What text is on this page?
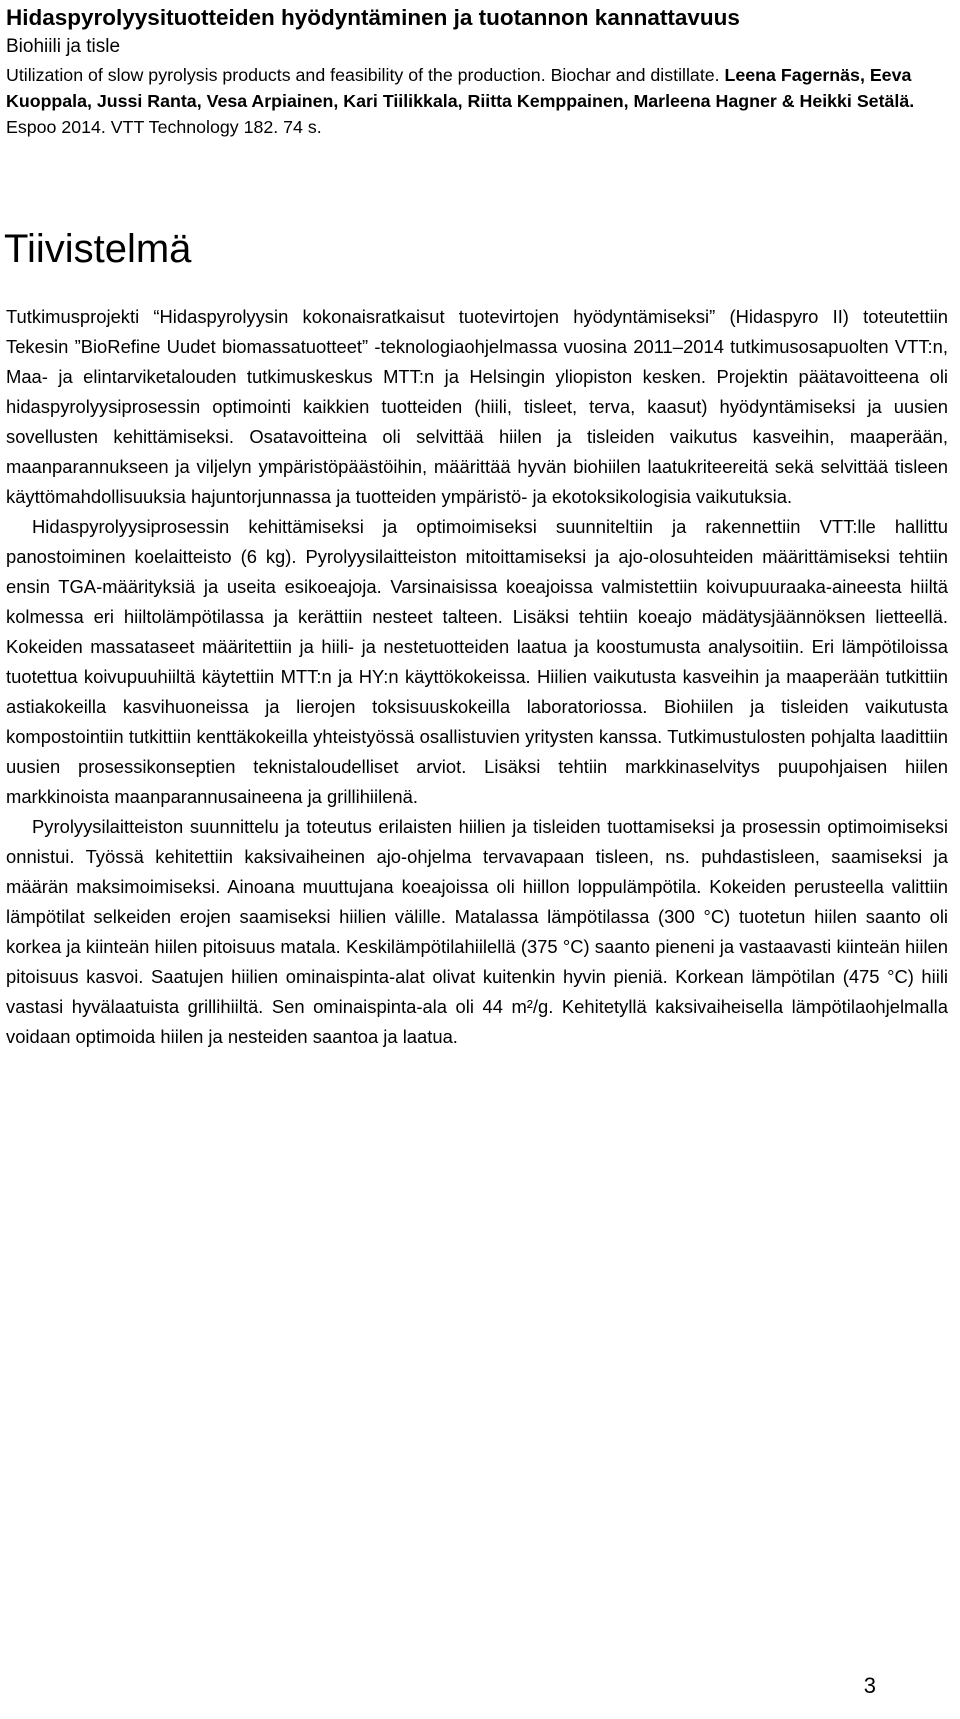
Hidaspyrolyysituotteiden hyödyntäminen ja tuotannon kannattavuus
Biohiili ja tisle
Utilization of slow pyrolysis products and feasibility of the production. Biochar and distillate. Leena Fagernäs, Eeva Kuoppala, Jussi Ranta, Vesa Arpiainen, Kari Tiilikkala, Riitta Kemppainen, Marleena Hagner & Heikki Setälä. Espoo 2014. VTT Technology 182. 74 s.
Tiivistelmä

Tutkimusprojekti “Hidaspyrolyysin kokonaisratkaisut tuotevirtojen hyödyntämiseksi” (Hidaspyro II) toteutettiin Tekesin ”BioRefine Uudet biomassatuotteet” -teknologiaohjelmassa vuosina 2011–2014 tutkimusosapuolten VTT:n, Maa- ja elintarviketalouden tutkimuskeskus MTT:n ja Helsingin yliopiston kesken. Projektin päätavoitteena oli hidaspyrolyysiprosessin optimointi kaikkien tuotteiden (hiili, tisleet, terva, kaasut) hyödyntämiseksi ja uusien sovellusten kehittämiseksi. Osatavoitteina oli selvittää hiilen ja tisleiden vaikutus kasveihin, maaperään, maanparannukseen ja viljelyn ympäristöpäästöihin, määrittää hyvän biohiilen laatukriteereitä sekä selvittää tisleen käyttömahdollisuuksia hajuntorjunnassa ja tuotteiden ympäristö- ja ekotoksikologisia vaikutuksia.

Hidaspyrolyysiprosessin kehittämiseksi ja optimoimiseksi suunniteltiin ja rakennettiin VTT:lle hallittu panostoiminen koelaitteisto (6 kg). Pyrolyysilaitteiston mitoittamiseksi ja ajo-olosuhteiden määrittämiseksi tehtiin ensin TGA-määrityksiä ja useita esikoeajoja. Varsinaisissa koeajoissa valmistettiin koivupuuraaka-aineesta hiiltä kolmessa eri hiiltolämpötilassa ja kerättiin nesteet talteen. Lisäksi tehtiin koeajo mädätysjäännöksen lietteellä. Kokeiden massataseet määritettiin ja hiili- ja nestetuotteiden laatua ja koostumusta analysoitiin. Eri lämpötiloissa tuotettua koivupuuhiiltä käytettiin MTT:n ja HY:n käyttökokeissa. Hiilien vaikutusta kasveihin ja maaperään tutkittiin astiakokeilla kasvihuoneissa ja lierojen toksisuuskokeilla laboratoriossa. Biohiilen ja tisleiden vaikutusta kompostointiin tutkittiin kenttäkokeilla yhteistyössä osallistuvien yritysten kanssa. Tutkimustulosten pohjalta laadittiin uusien prosessikonseptien teknistaloudelliset arviot. Lisäksi tehtiin markkinaselvitys puupohjaisen hiilen markkinoista maanparannusaineena ja grillihiilenä.

Pyrolyysilaitteiston suunnittelu ja toteutus erilaisten hiilien ja tisleiden tuottamiseksi ja prosessin optimoimiseksi onnistui. Työssä kehitettiin kaksivaiheinen ajo-ohjelma tervavapaan tisleen, ns. puhdastisleen, saamiseksi ja määrän maksimoimiseksi. Ainoana muuttujana koeajoissa oli hiillon loppulämpötila. Kokeiden perusteella valittiin lämpötilat selkeiden erojen saamiseksi hiilien välille. Matalassa lämpötilassa (300 °C) tuotetun hiilen saanto oli korkea ja kiinteän hiilen pitoisuus matala. Keskilämpötilahiilellä (375 °C) saanto pieneni ja vastaavasti kiinteän hiilen pitoisuus kasvoi. Saatujen hiilien ominaispinta-alat olivat kuitenkin hyvin pieniä. Korkean lämpötilan (475 °C) hiili vastasi hyvälaatuista grillihiiltä. Sen ominaispinta-ala oli 44 m²/g. Kehitetyllä kaksivaiheisella lämpötilaohjelmalla voidaan optimoida hiilen ja nesteiden saantoa ja laatua.

3
